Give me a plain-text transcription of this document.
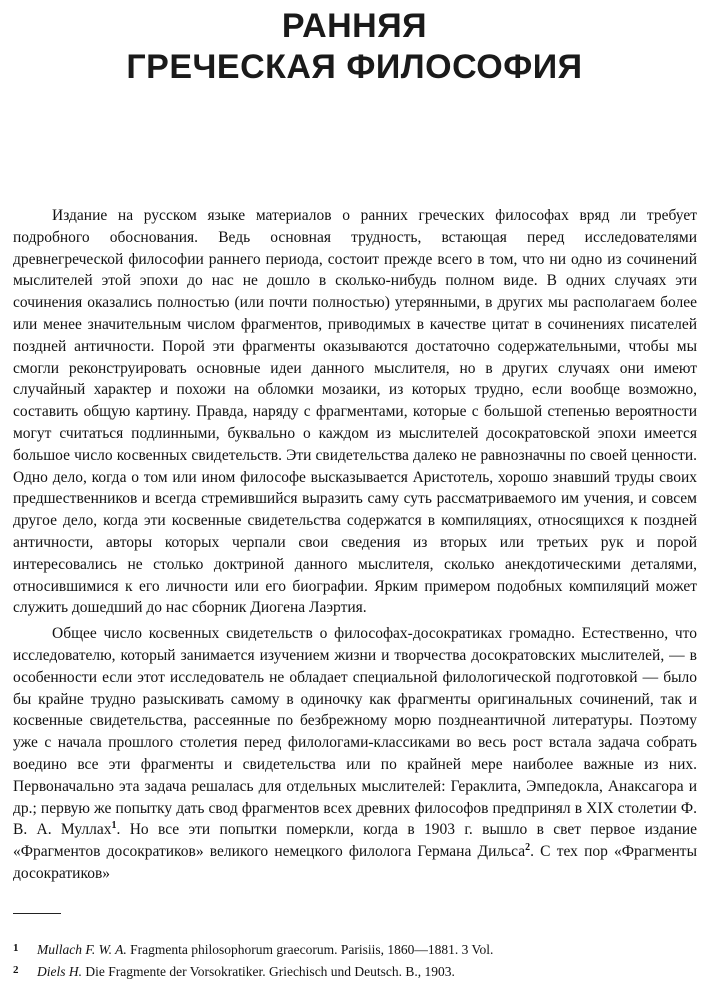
РАННЯЯ
ГРЕЧЕСКАЯ ФИЛОСОФИЯ

Издание на русском языке материалов о ранних греческих философах вряд ли требует подробного обоснования. Ведь основная трудность, встающая перед исследователями древнегреческой философии раннего периода, состоит прежде всего в том, что ни одно из сочинений мыслителей этой эпохи до нас не дошло в сколько-нибудь полном виде. В одних случаях эти сочинения оказались полностью (или почти полностью) утерянными, в других мы располагаем более или менее значительным числом фрагментов, приводимых в качестве цитат в сочинениях писателей поздней античности. Порой эти фрагменты оказываются достаточно содержательными, чтобы мы смогли реконструировать основные идеи данного мыслителя, но в других случаях они имеют случайный характер и похожи на обломки мозаики, из которых трудно, если вообще возможно, составить общую картину. Правда, наряду с фрагментами, которые с большой степенью вероятности могут считаться подлинными, буквально о каждом из мыслителей досократовской эпохи имеется большое число косвенных свидетельств. Эти свидетельства далеко не равнозначны по своей ценности. Одно дело, когда о том или ином философе высказывается Аристотель, хорошо знавший труды своих предшественников и всегда стремившийся выразить саму суть рассматриваемого им учения, и совсем другое дело, когда эти косвенные свидетельства содержатся в компиляциях, относящихся к поздней античности, авторы которых черпали свои сведения из вторых или третьих рук и порой интересовались не столько доктриной данного мыслителя, сколько анекдотическими деталями, относившимися к его личности или его биографии. Ярким примером подобных компиляций может служить дошедший до нас сборник Диогена Лаэртия.

Общее число косвенных свидетельств о философах-досократиках громадно. Естественно, что исследователю, который занимается изучением жизни и творчества досократовских мыслителей, — в особенности если этот исследователь не обладает специальной филологической подготовкой — было бы крайне трудно разыскивать самому в одиночку как фрагменты оригинальных сочинений, так и косвенные свидетельства, рассеянные по безбрежному морю позднеантичной литературы. Поэтому уже с начала прошлого столетия перед филологами-классиками во весь рост встала задача собрать воедино все эти фрагменты и свидетельства или по крайней мере наиболее важные из них. Первоначально эта задача решалась для отдельных мыслителей: Гераклита, Эмпедокла, Анаксагора и др.; первую же попытку дать свод фрагментов всех древних философов предпринял в XIX столетии Ф. В. А. Муллах$^1$. Но все эти попытки померкли, когда в 1903 г. вышло в свет первое издание «Фрагментов досократиков» великого немецкого филолога Германа Дильса$^2$. С тех пор «Фрагменты досократиков»

1 Mullach F. W. A. Fragmenta philosophorum graecorum. Parisiis, 1860—1881. 3 Vol.

2 Diels H. Die Fragmente der Vorsokratiker. Griechisch und Deutsch. B., 1903.
